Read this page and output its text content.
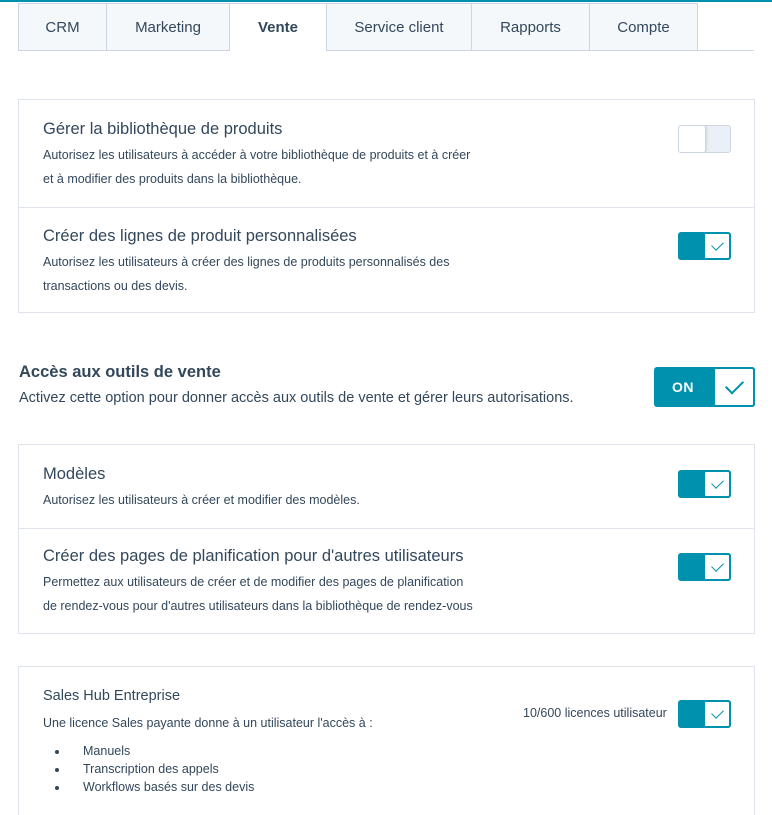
CRM	Marketing	Vente	Service client	Rapports	Compte
Gérer la bibliothèque de produits
Autorisez les utilisateurs à accéder à votre bibliothèque de produits et à créer
et à modifier des produits dans la bibliothèque.
Créer des lignes de produit personnalisées
Autorisez les utilisateurs à créer des lignes de produits personnalisés des
transactions ou des devis.
Accès aux outils de vente
Activez cette option pour donner accès aux outils de vente et gérer leurs autorisations.
ON
Modèles
Autorisez les utilisateurs à créer et modifier des modèles.
Créer des pages de planification pour d'autres utilisateurs
Permettez aux utilisateurs de créer et de modifier des pages de planification
de rendez-vous pour d'autres utilisateurs dans la bibliothèque de rendez-vous
Sales Hub Entreprise
Une licence Sales payante donne à un utilisateur l'accès à :
• Manuels
• Transcription des appels
• Workflows basés sur des devis
10/600 licences utilisateur
